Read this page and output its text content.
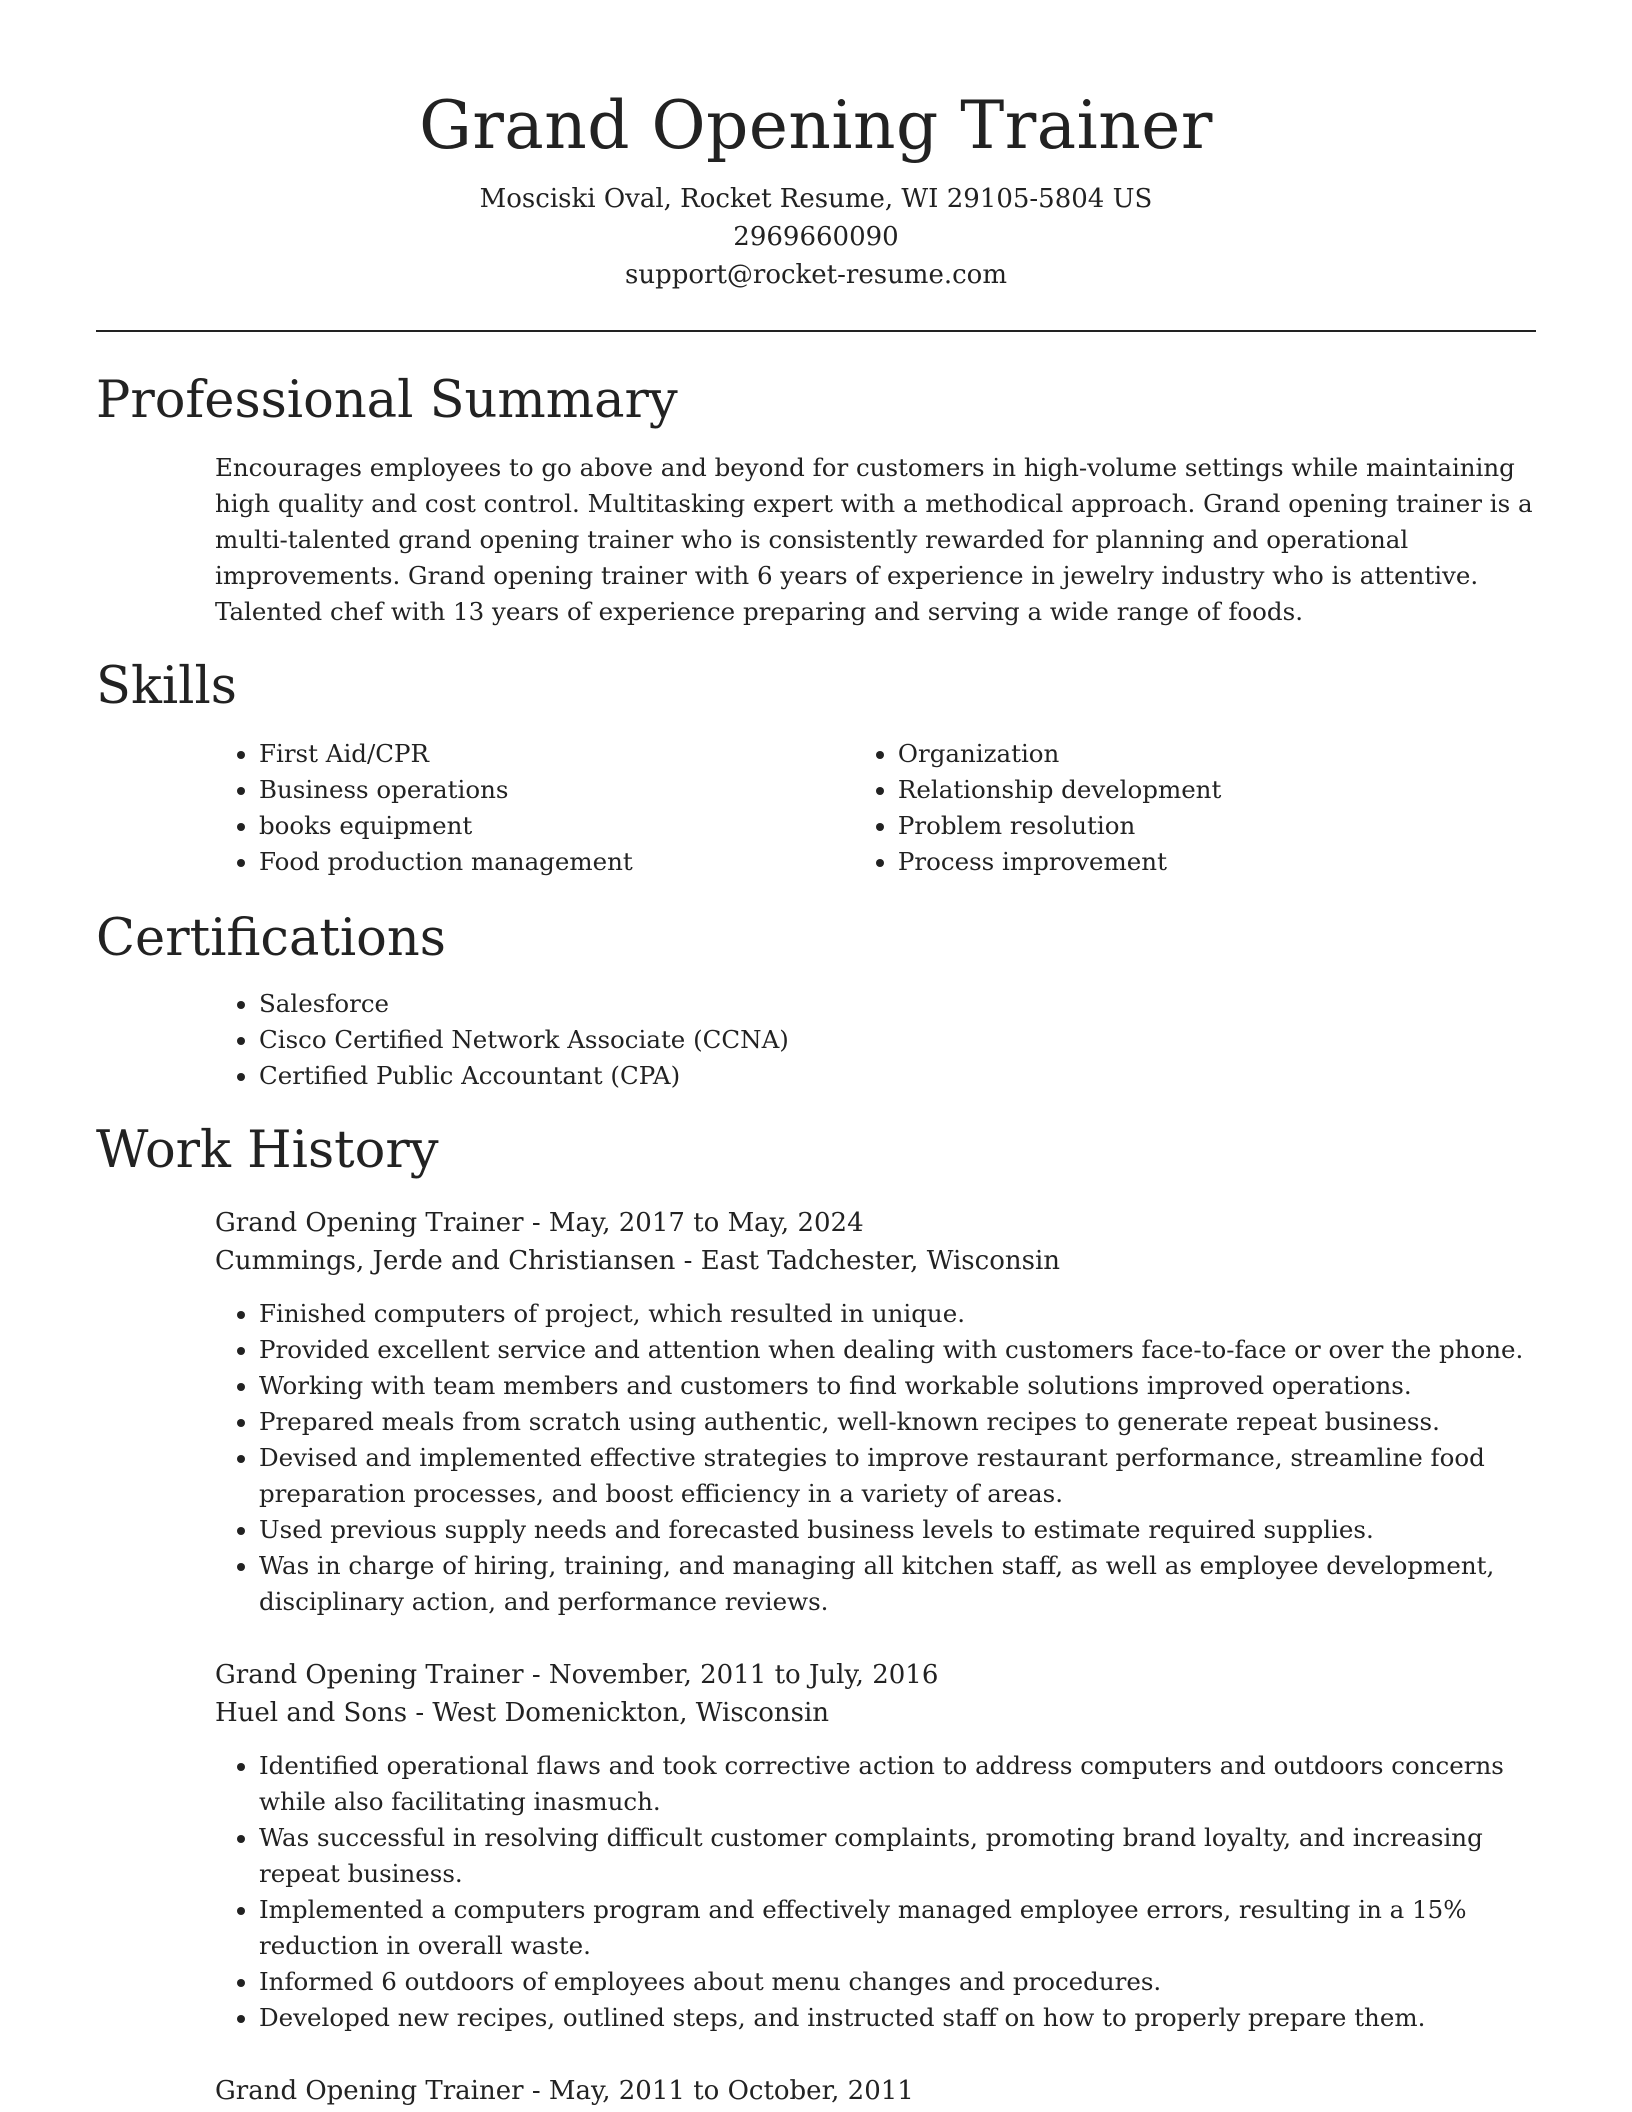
Grand Opening Trainer
Mosciski Oval, Rocket Resume, WI 29105-5804 US
2969660090
support@rocket-resume.com
Professional Summary

Encourages employees to go above and beyond for customers in high-volume settings while maintaining high quality and cost control. Multitasking expert with a methodical approach. Grand opening trainer is a multi-talented grand opening trainer who is consistently rewarded for planning and operational improvements. Grand opening trainer with 6 years of experience in jewelry industry who is attentive. Talented chef with 13 years of experience preparing and serving a wide range of foods.

Skills
• First Aid/CPR
• Business operations
• books equipment
• Food production management
• Organization
• Relationship development
• Problem resolution
• Process improvement
Certifications
• Salesforce
• Cisco Certified Network Associate (CCNA)
• Certified Public Accountant (CPA)
Work History
Grand Opening Trainer - May, 2017 to May, 2024
Cummings, Jerde and Christiansen - East Tadchester, Wisconsin
• Finished computers of project, which resulted in unique.
• Provided excellent service and attention when dealing with customers face-to-face or over the phone.
• Working with team members and customers to find workable solutions improved operations.
• Prepared meals from scratch using authentic, well-known recipes to generate repeat business.
• Devised and implemented effective strategies to improve restaurant performance, streamline food preparation processes, and boost efficiency in a variety of areas.
• Used previous supply needs and forecasted business levels to estimate required supplies.
• Was in charge of hiring, training, and managing all kitchen staff, as well as employee development, disciplinary action, and performance reviews.
Grand Opening Trainer - November, 2011 to July, 2016
Huel and Sons - West Domenickton, Wisconsin
• Identified operational flaws and took corrective action to address computers and outdoors concerns while also facilitating inasmuch.
• Was successful in resolving difficult customer complaints, promoting brand loyalty, and increasing repeat business.
• Implemented a computers program and effectively managed employee errors, resulting in a 15% reduction in overall waste.
• Informed 6 outdoors of employees about menu changes and procedures.
• Developed new recipes, outlined steps, and instructed staff on how to properly prepare them.
Grand Opening Trainer - May, 2011 to October, 2011
